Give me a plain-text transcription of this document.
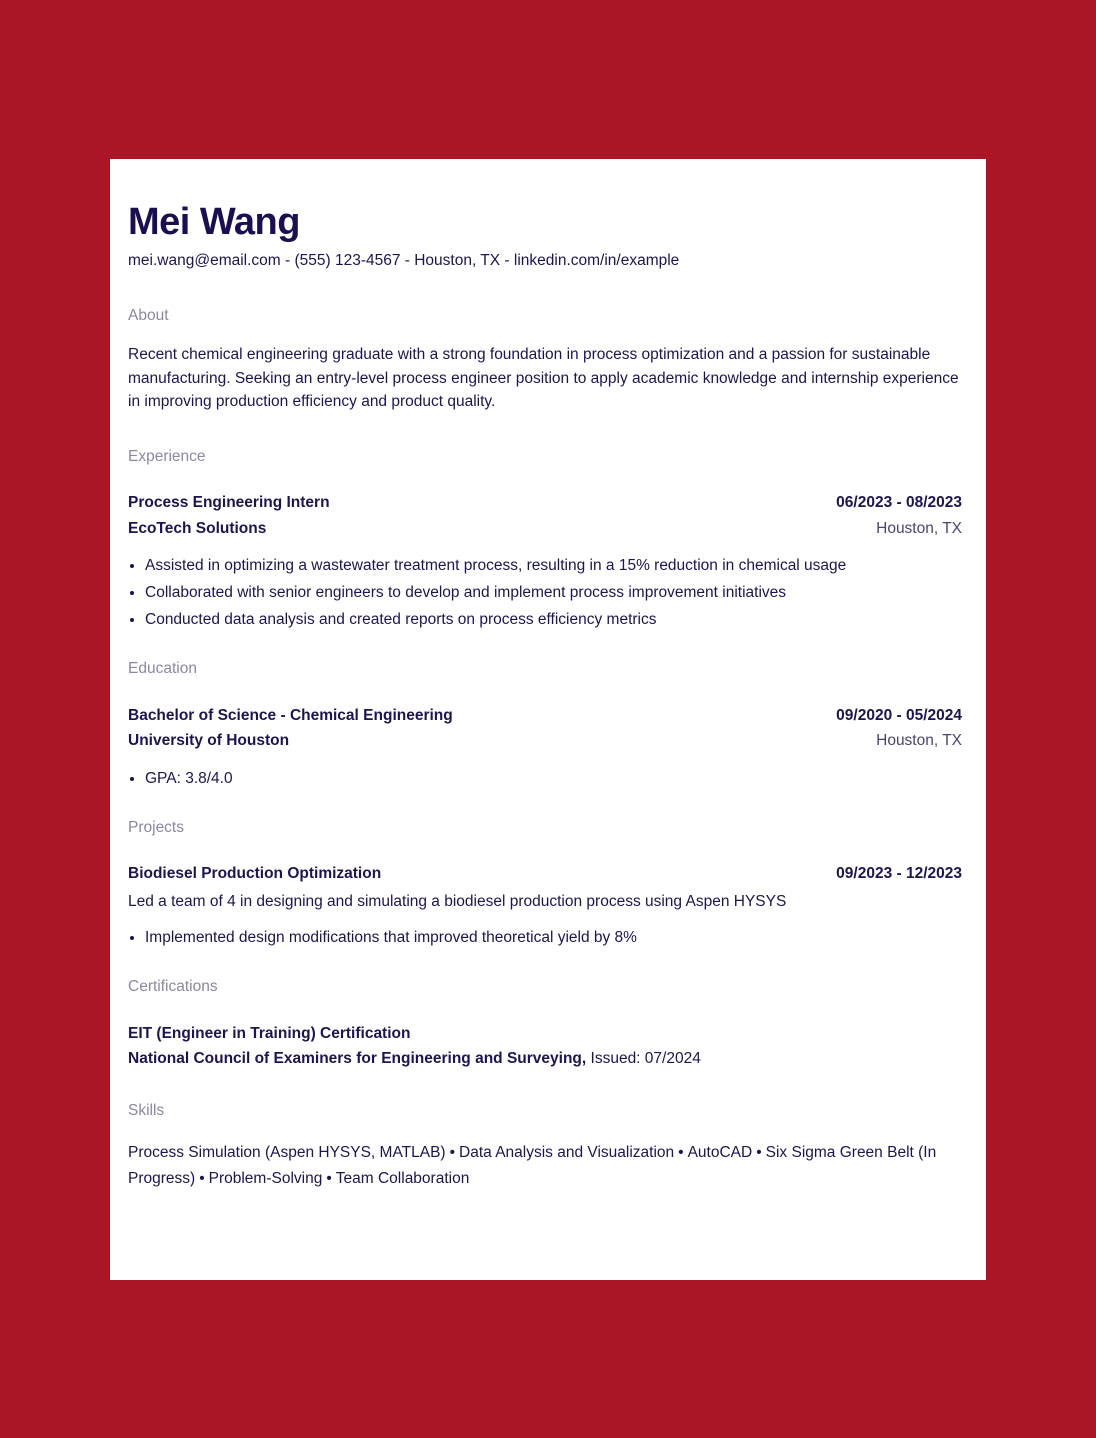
Mei Wang
mei.wang@email.com - (555) 123-4567 - Houston, TX - linkedin.com/in/example
About

Recent chemical engineering graduate with a strong foundation in process optimization and a passion for sustainable manufacturing. Seeking an entry-level process engineer position to apply academic knowledge and internship experience in improving production efficiency and product quality.

Experience
Process Engineering Intern	06/2023 - 08/2023
EcoTech Solutions	Houston, TX
• Assisted in optimizing a wastewater treatment process, resulting in a 15% reduction in chemical usage
• Collaborated with senior engineers to develop and implement process improvement initiatives
• Conducted data analysis and created reports on process efficiency metrics
Education
Bachelor of Science - Chemical Engineering	09/2020 - 05/2024
University of Houston	Houston, TX
• GPA: 3.8/4.0
Projects
Biodiesel Production Optimization	09/2023 - 12/2023
Led a team of 4 in designing and simulating a biodiesel production process using Aspen HYSYS
• Implemented design modifications that improved theoretical yield by 8%
Certifications
EIT (Engineer in Training) Certification
National Council of Examiners for Engineering and Surveying, Issued: 07/2024
Skills
Process Simulation (Aspen HYSYS, MATLAB) • Data Analysis and Visualization • AutoCAD • Six Sigma Green Belt (In Progress) • Problem-Solving • Team Collaboration
